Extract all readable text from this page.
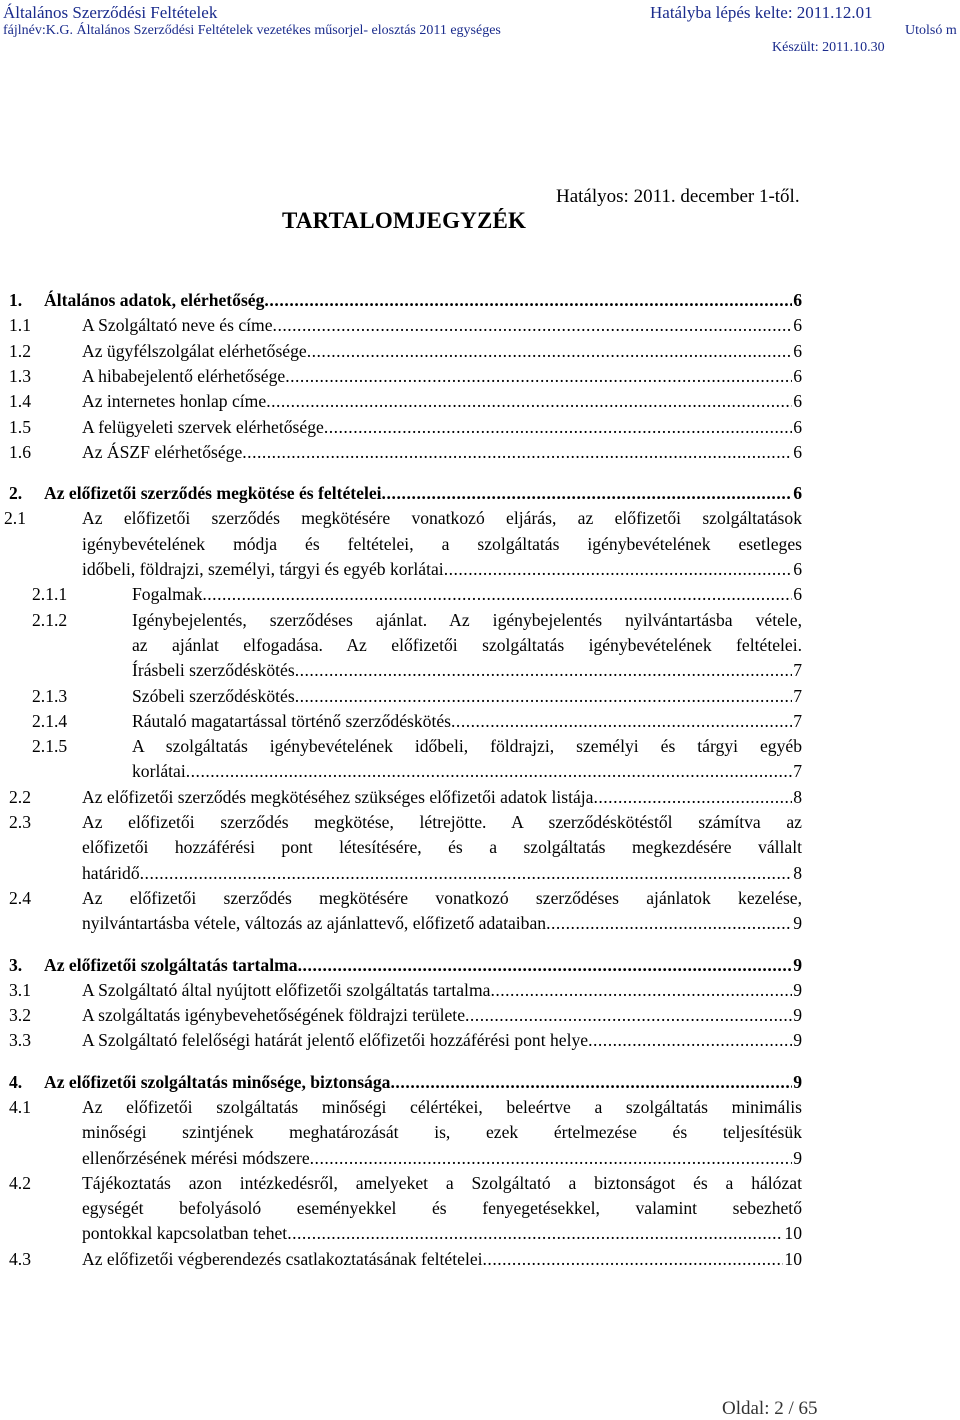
Általános Szerződési Feltételek	Hatályba lépés kelte: 2011.12.01
fájlnév:K.G. Általános Szerződési Feltételek vezetékes műsorjel- elosztás 2011 egységes	Utolsó m
Készült: 2011.10.30
Hatályos: 2011. december 1-től.
TARTALOMJEGYZÉK
1. Általános adatok, elérhetőség .....	6
1.1	A Szolgáltató neve és címe .....	6
1.2	Az ügyfélszolgálat elérhetősége .....	6
1.3	A hibabejelentő elérhetősége .....	6
1.4	Az internetes honlap címe .....	6
1.5	A felügyeleti szervek elérhetősége .....	6
1.6	Az ÁSZF elérhetősége .....	6
2. Az előfizetői szerződés megkötése és feltételei .....	6
2.1	Az előfizetői szerződés megkötésére vonatkozó eljárás, az előfizetői szolgáltatások
igénybevételének módja és feltételei, a szolgáltatás igénybevételének esetleges
időbeli, földrajzi, személyi, tárgyi és egyéb korlátai .....	6
2.1.1	Fogalmak .....	6
2.1.2	Igénybejelentés, szerződéses ajánlat. Az igénybejelentés nyilvántartásba vétele,
az ajánlat elfogadása. Az előfizetői szolgáltatás igénybevételének feltételei.
Írásbeli szerződéskötés .....	7
2.1.3	Szóbeli szerződéskötés .....	7
2.1.4	Ráutaló magatartással történő szerződéskötés .....	7
2.1.5	A szolgáltatás igénybevételének időbeli, földrajzi, személyi és tárgyi egyéb
korlátai .....	7
2.2	Az előfizetői szerződés megkötéséhez szükséges előfizetői adatok listája .....	8
2.3	Az előfizetői szerződés megkötése, létrejötte. A szerződéskötéstől számítva az
előfizetői hozzáférési pont létesítésére, és a szolgáltatás megkezdésére vállalt
határidő .....	8
2.4	Az előfizetői szerződés megkötésére vonatkozó szerződéses ajánlatok kezelése,
nyilvántartásba vétele, változás az ajánlattevő, előfizető adataiban .....	9
3. Az előfizetői szolgáltatás tartalma .....	9
3.1	A Szolgáltató által nyújtott előfizetői szolgáltatás tartalma .....	9
3.2	A szolgáltatás igénybevehetőségének földrajzi területe .....	9
3.3	A Szolgáltató felelőségi határát jelentő előfizetői hozzáférési pont helye .....	9
4. Az előfizetői szolgáltatás minősége, biztonsága .....	9
4.1	Az előfizetői szolgáltatás minőségi célértékei, beleértve a szolgáltatás minimális
minőségi szintjének meghatározását is, ezek értelmezése és teljesítésük
ellenőrzésének mérési módszere .....	9
4.2	Tájékoztatás azon intézkedésről, amelyeket a Szolgáltató a biztonságot és a hálózat
egységét befolyásoló eseményekkel és fenyegetésekkel, valamint sebezhető
pontokkal kapcsolatban tehet .....	10
4.3	Az előfizetői végberendezés csatlakoztatásának feltételei .....	10
Oldal: 2 / 65
